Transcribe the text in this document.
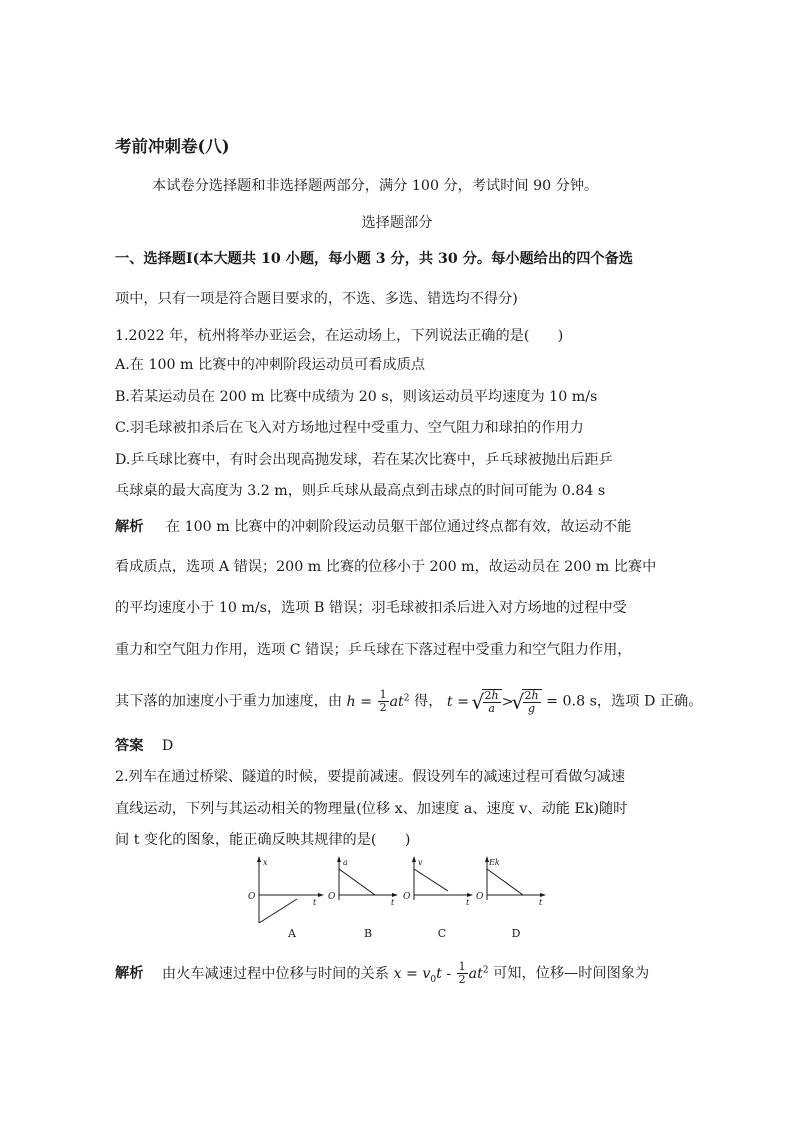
考前冲刺卷(八)
本试卷分选择题和非选择题两部分，满分 100 分，考试时间 90 分钟。
选择题部分
一、选择题Ⅰ(本大题共 10 小题，每小题 3 分，共 30 分。每小题给出的四个备选
项中，只有一项是符合题目要求的，不选、多选、错选均不得分)
1.2022 年，杭州将举办亚运会，在运动场上，下列说法正确的是(　　)
A.在 100 m 比赛中的冲刺阶段运动员可看成质点
B.若某运动员在 200 m 比赛中成绩为 20 s，则该运动员平均速度为 10 m/s
C.羽毛球被扣杀后在飞入对方场地过程中受重力、空气阻力和球拍的作用力
D.乒乓球比赛中，有时会出现高抛发球，若在某次比赛中，乒乓球被抛出后距乒
乓球桌的最大高度为 3.2 m，则乒乓球从最高点到击球点的时间可能为 0.84 s
解析 在 100 m 比赛中的冲刺阶段运动员躯干部位通过终点都有效，故运动不能
看成质点，选项 A 错误；200 m 比赛的位移小于 200 m，故运动员在 200 m 比赛中
的平均速度小于 10 m/s，选项 B 错误；羽毛球被扣杀后进入对方场地的过程中受
重力和空气阻力作用，选项 C 错误；乒乓球在下落过程中受重力和空气阻力作用，
其下落的加速度小于重力加速度，由 $h = \frac{1}{2} at^2$ 得， t = √ $\frac{2h}{a}$ > √ $\frac{2h}{g} = 0.8$ s，选项 D 正确。
答案 D
2.列车在通过桥梁、隧道的时候，要提前减速。假设列车的减速过程可看做匀减速
直线运动，下列与其运动相关的物理量(位移 x、加速度 a、速度 v、动能 Ek)随时
间 t 变化的图象，能正确反映其规律的是(　　)
x
O
t
a
O
t
v
O
t
Ek
O
t
A	B	C	D
解析 由火车减速过程中位移与时间的关系 $x = v_0t - \frac{1}{2} at^2$ 可知，位移—时间图象为
